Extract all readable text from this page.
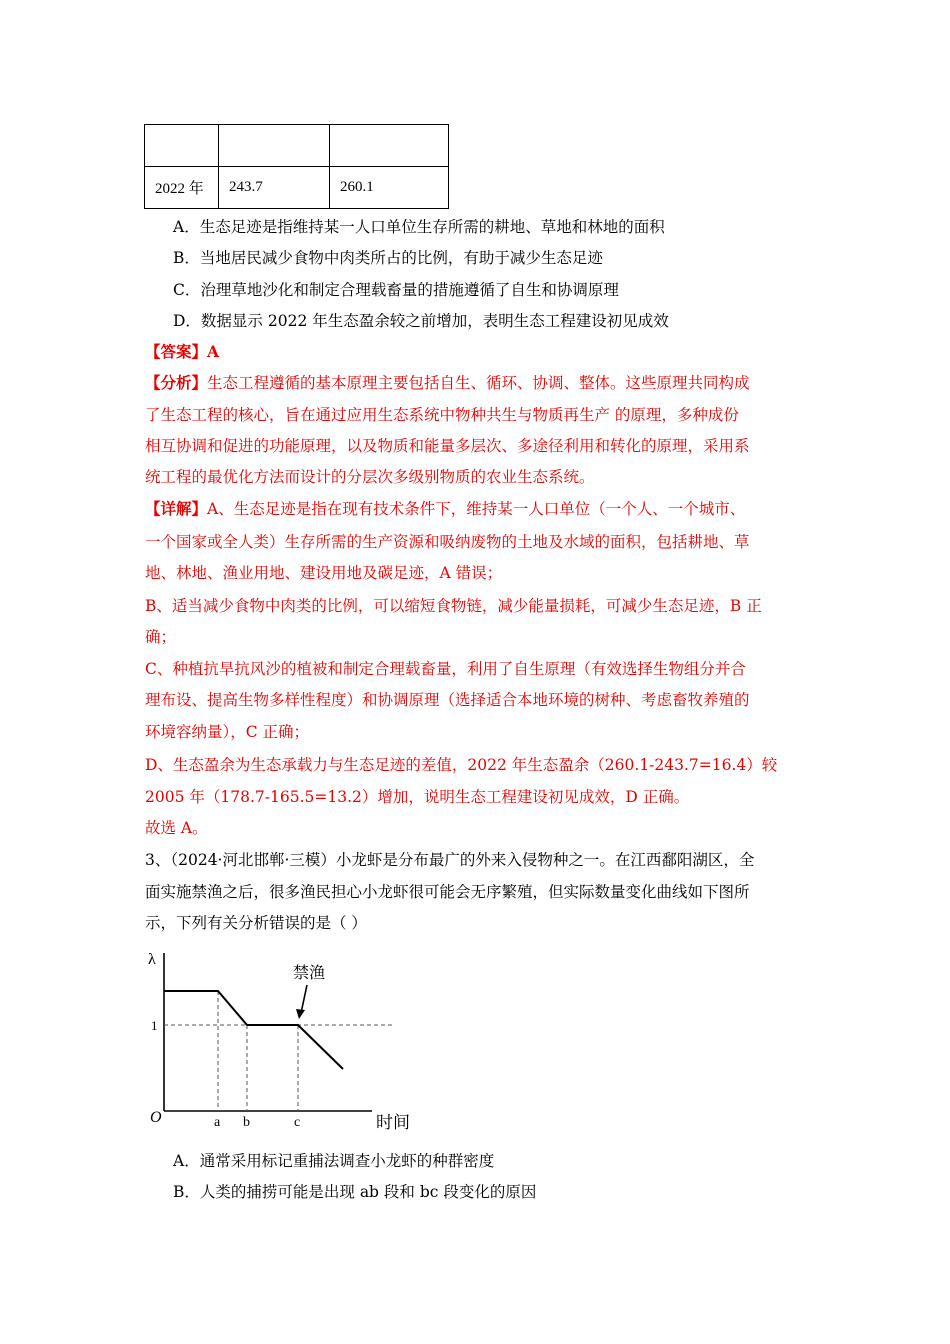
2022 年	243.7	260.1
A．生态足迹是指维持某一人口单位生存所需的耕地、草地和林地的面积
B．当地居民减少食物中肉类所占的比例，有助于减少生态足迹
C．治理草地沙化和制定合理载畜量的措施遵循了自生和协调原理
D．数据显示 2022 年生态盈余较之前增加，表明生态工程建设初见成效
【答案】A
【分析】生态工程遵循的基本原理主要包括自生、循环、协调、整体。这些原理共同构成
了生态工程的核心，旨在通过应用生态系统中物种共生与物质再生产 的原理，多种成份
相互协调和促进的功能原理，以及物质和能量多层次、多途径利用和转化的原理，采用系
统工程的最优化方法而设计的分层次多级别物质的农业生态系统。
【详解】A、生态足迹是指在现有技术条件下，维持某一人口单位（一个人、一个城市、
一个国家或全人类）生存所需的生产资源和吸纳废物的土地及水域的面积，包括耕地、草
地、林地、渔业用地、建设用地及碳足迹，A 错误；
B、适当减少食物中肉类的比例，可以缩短食物链，减少能量损耗，可减少生态足迹，B 正
确；
C、种植抗旱抗风沙的植被和制定合理载畜量，利用了自生原理（有效选择生物组分并合
理布设、提高生物多样性程度）和协调原理（选择适合本地环境的树种、考虑畜牧养殖的
环境容纳量），C 正确；
D、生态盈余为生态承载力与生态足迹的差值，2022 年生态盈余（260.1-243.7=16.4）较
2005 年（178.7-165.5=13.2）增加，说明生态工程建设初见成效，D 正确。
故选 A。
3、（2024·河北邯郸·三模）小龙虾是分布最广的外来入侵物种之一。在江西鄱阳湖区，全
面实施禁渔之后，很多渔民担心小龙虾很可能会无序繁殖，但实际数量变化曲线如下图所
示，下列有关分析错误的是（ ）
λ
1
O	a b	c	时间
禁渔
A．通常采用标记重捕法调查小龙虾的种群密度
B．人类的捕捞可能是出现 ab 段和 bc 段变化的原因
